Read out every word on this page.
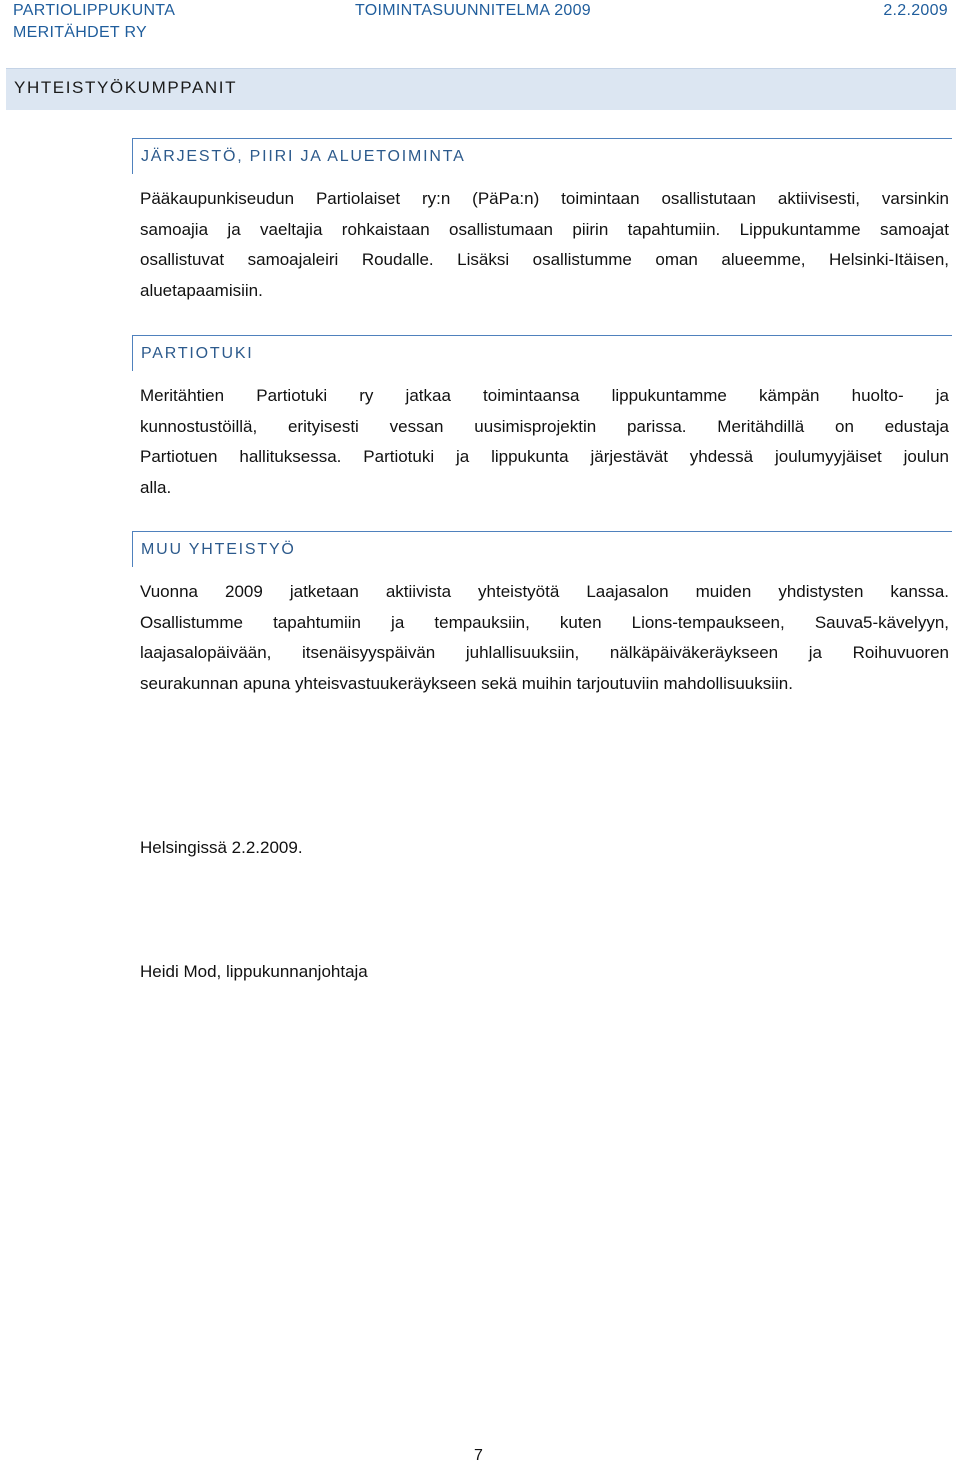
PARTIOLIPPUKUNTA
MERITÄHDET RY
TOIMINTASUUNNITELMA 2009	2.2.2009
YHTEISTYÖKUMPPANIT
JÄRJESTÖ, PIIRI JA ALUETOIMINTA
Pääkaupunkiseudun Partiolaiset ry:n (PäPa:n) toimintaan osallistutaan aktiivisesti, varsinkin
samoajia ja vaeltajia rohkaistaan osallistumaan piirin tapahtumiin. Lippukuntamme samoajat
osallistuvat samoajaleiri Roudalle. Lisäksi osallistumme oman alueemme, Helsinki-Itäisen,
aluetapaamisiin.
PARTIOTUKI
Meritähtien Partiotuki ry jatkaa toimintaansa lippukuntamme kämpän huolto- ja
kunnostustöillä, erityisesti vessan uusimisprojektin parissa. Meritähdillä on edustaja
Partiotuen hallituksessa. Partiotuki ja lippukunta järjestävät yhdessä joulumyyjäiset joulun
alla.
MUU YHTEISTYÖ
Vuonna 2009 jatketaan aktiivista yhteistyötä Laajasalon muiden yhdistysten kanssa.
Osallistumme tapahtumiin ja tempauksiin, kuten Lions-tempaukseen, Sauva5-kävelyyn,
laajasalopäivään, itsenäisyyspäivän juhlallisuuksiin, nälkäpäiväkeräykseen ja Roihuvuoren
seurakunnan apuna yhteisvastuukeräykseen sekä muihin tarjoutuviin mahdollisuuksiin.
Helsingissä 2.2.2009.
Heidi Mod, lippukunnanjohtaja
7
